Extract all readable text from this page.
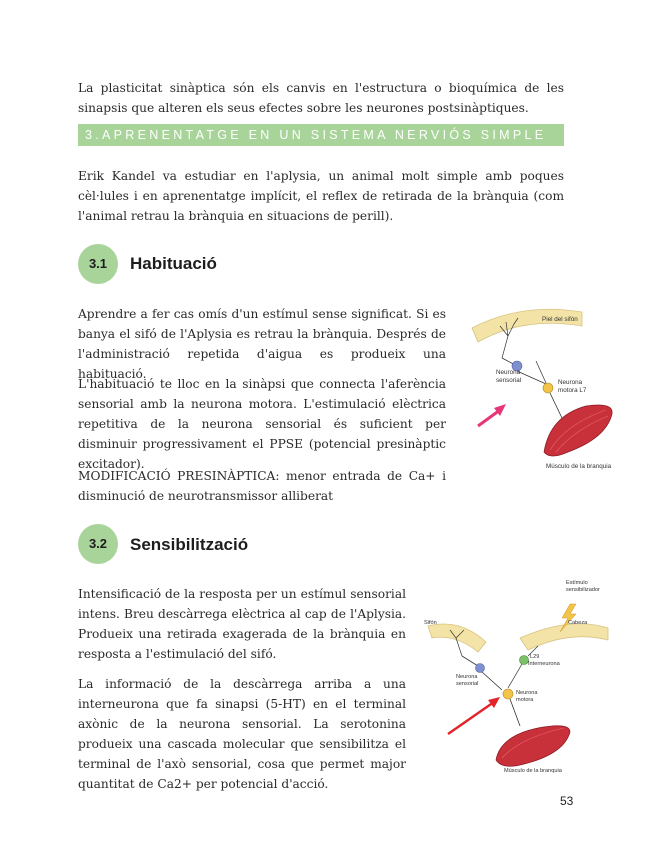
La plasticitat sinàptica són els canvis en l'estructura o bioquímica de les sinapsis que alteren els seus efectes sobre les neurones postsinàptiques.

3.APRENENTATGE EN UN SISTEMA NERVIÓS SIMPLE

Erik Kandel va estudiar en l'aplysia, un animal molt simple amb poques cèl·lules i en aprenentatge implícit, el reflex de retirada de la brànquia (com l'animal retrau la brànquia en situacions de perill).

3.1	Habituació

Aprendre a fer cas omís d'un estímul sense significat. Si es banya el sifó de l'Aplysia es retrau la brànquia. Després de l'administració repetida d'aigua es produeix una habituació.

L'habituació te lloc en la sinàpsi que connecta l'aferència sensorial amb la neurona motora. L'estimulació elèctrica repetitiva de la neurona sensorial és suficient per disminuir progressivament el PPSE (potencial presinàptic excitador).

MODIFICACIÓ PRESINÀPTICA: menor entrada de Ca+ i disminució de neurotransmissor alliberat

Piel del sifón
Neurona
sensorial	Neurona
motora L7
Músculo de la branquia
3.2	Sensibilització

Intensificació de la resposta per un estímul sensorial intens. Breu descàrrega elèctrica al cap de l'Aplysia. Produeix una retirada exagerada de la brànquia en resposta a l'estimulació del sifó.

La informació de la descàrrega arriba a una interneurona que fa sinapsi (5-HT) en el terminal axònic de la neurona sensorial. La serotonina produeix una cascada molecular que sensibilitza el terminal de l'axò sensorial, cosa que permet major quantitat de Ca2+ per potencial d'acció.

Estímulo
sensibilizador
Cabeza
Sifón
L29
Interneurona
Neurona
sensorial
Neurona
motora
Músculo de la branquia
53
